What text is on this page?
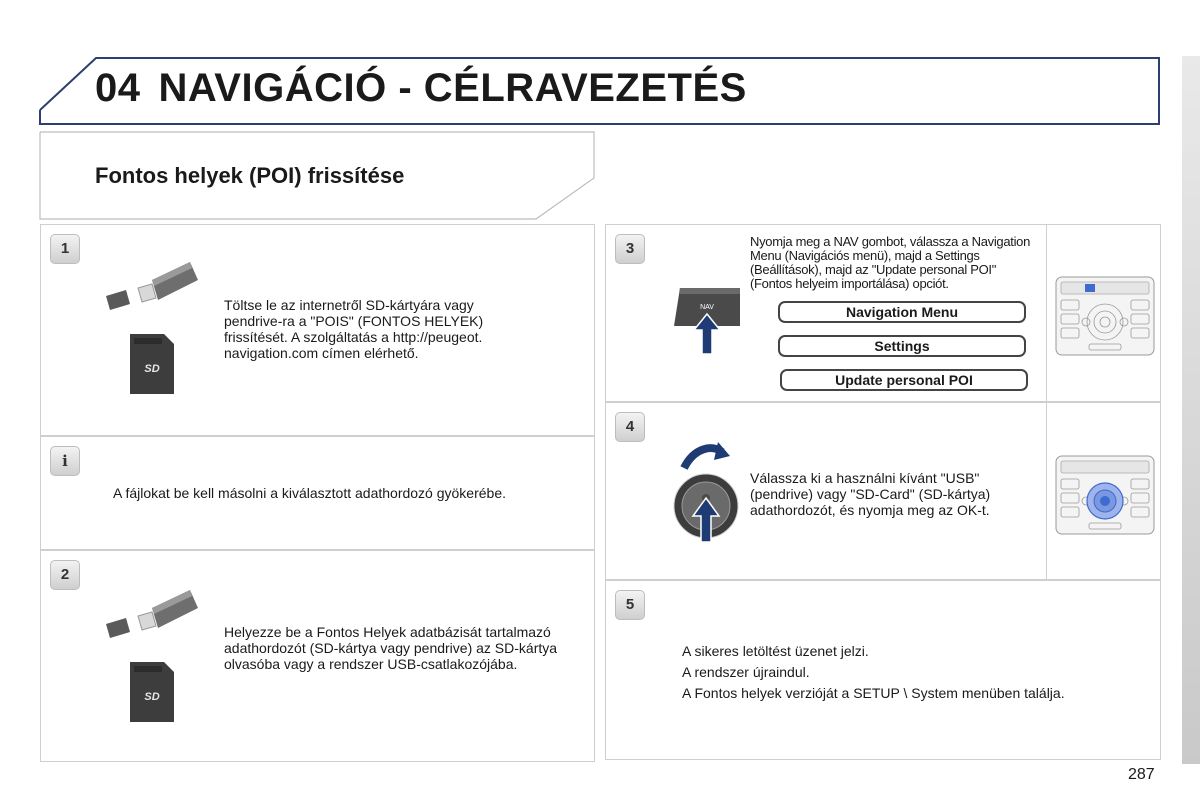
04 NAVIGÁCIÓ - CÉLRAVEZETÉS
Fontos helyek (POI) frissítése
1
i
2
3
4
5
SD
Töltse le az internetről SD-kártyára vagy pendrive-ra a "POIS" (FONTOS HELYEK) frissítését. A szolgáltatás a http://peugeot. navigation.com címen elérhető.
A fájlokat be kell másolni a kiválasztott adathordozó gyökerébe.
SD
Helyezze be a Fontos Helyek adatbázisát tartalmazó adathordozót (SD-kártya vagy pendrive) az SD-kártya olvasóba vagy a rendszer USB-csatlakozójába.
NAV
Nyomja meg a NAV gombot, válassza a Navigation Menu (Navigációs menü), majd a Settings (Beállítások), majd az "Update personal POI" (Fontos helyeim importálása) opciót.
Navigation Menu
Settings
Update personal POI
Válassza ki a használni kívánt "USB" (pendrive) vagy "SD-Card" (SD-kártya) adathordozót, és nyomja meg az OK-t.
A sikeres letöltést üzenet jelzi.
A rendszer újraindul.
A Fontos helyek verzióját a SETUP \ System menüben találja.
287
